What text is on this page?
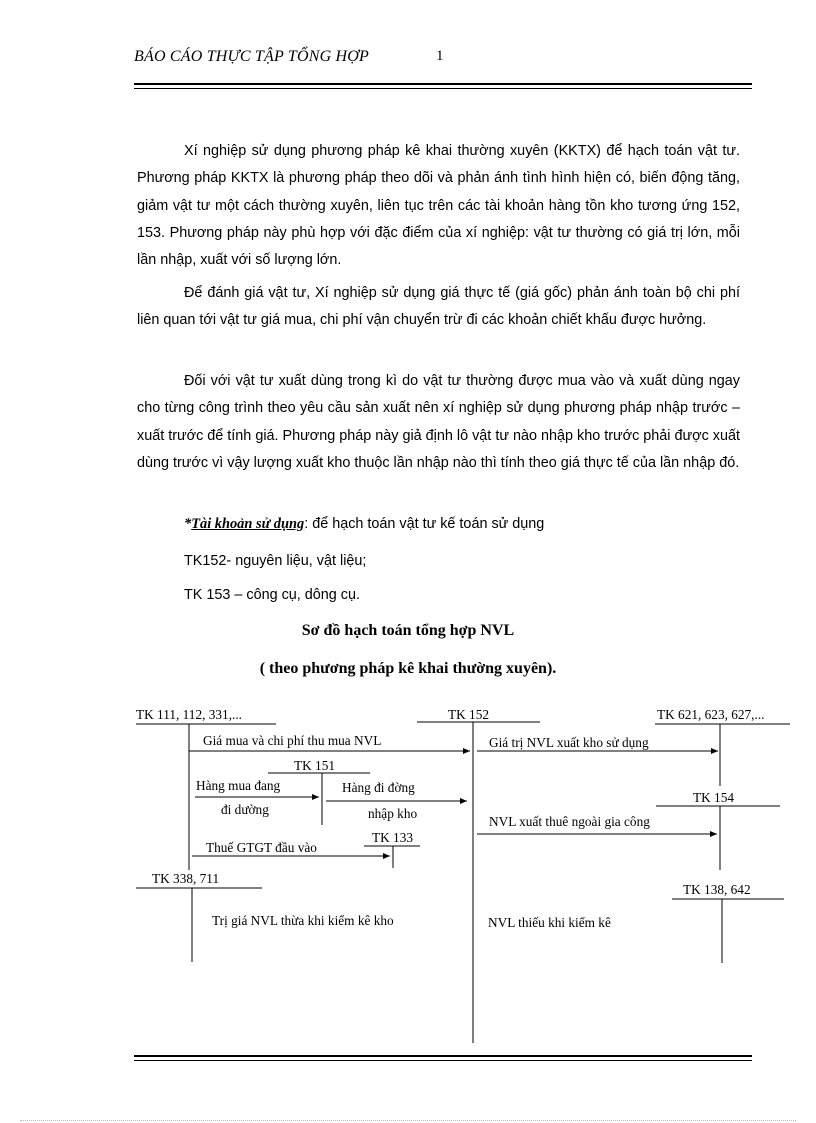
BÁO CÁO THỰC TẬP TỔNG HỢP	1

Xí nghiệp sử dụng phương pháp kê khai thường xuyên (KKTX) để hạch toán vật tư. Phương pháp KKTX là phương pháp theo dõi và phản ánh tình hình hiện có, biến động tăng, giảm vật tư một cách thường xuyên, liên tục trên các tài khoản hàng tồn kho tương ứng 152, 153. Phương pháp này phù hợp với đặc điểm của xí nghiệp: vật tư thường có giá trị lớn, mỗi lần nhập, xuất với số lượng lớn.

Để đánh giá vật tư, Xí nghiệp sử dụng giá thực tế (giá gốc) phản ánh toàn bộ chi phí liên quan tới vật tư giá mua, chi phí vận chuyển trừ đi các khoản chiết khấu được hưởng.

Đối với vật tư xuất dùng trong kì do vật tư thường được mua vào và xuất dùng ngay cho từng công trình theo yêu cầu sản xuất nên xí nghiệp sử dụng phương pháp nhập trước – xuất trước để tính giá. Phương pháp này giả định lô vật tư nào nhập kho trước phải được xuất dùng trước vì vậy lượng xuất kho thuộc lần nhập nào thì tính theo giá thực tế của lần nhập đó.

*Tài khoản sử dụng: để hạch toán vật tư kế toán sử dụng
TK152- nguyên liệu, vật liệu;
TK 153 – công cụ, dông cụ.
Sơ đồ hạch toán tổng hợp NVL
( theo phương pháp kê khai thường xuyên).
TK 111, 112, 331,...	TK 152	TK 621, 623, 627,...
Giá mua và chi phí thu mua NVL	Giá trị NVL xuất kho sử dụng
TK 151
Hàng mua đang
đi dường
Hàng đi đờng
nhập kho
TK 154
NVL xuất thuê ngoài gia công
TK 133
Thuế GTGT đầu vào
TK 338, 711
TK 138, 642
Trị giá NVL thừa khi kiểm kê kho	NVL thiếu khi kiểm kê
